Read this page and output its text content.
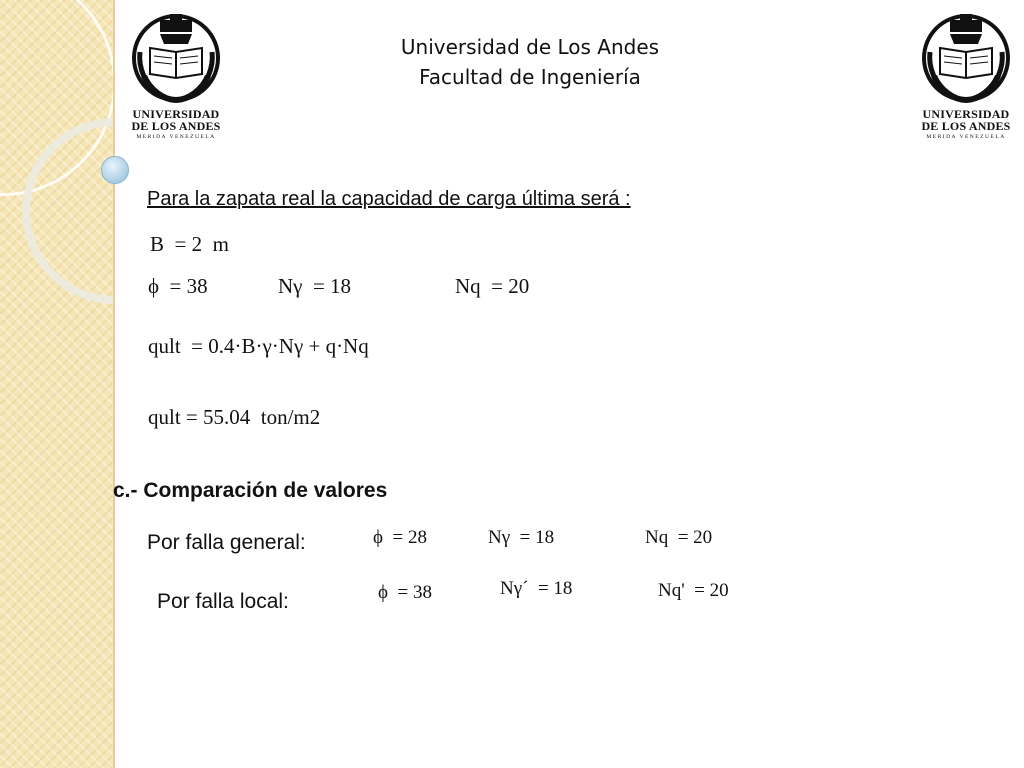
UNIVERSIDAD
DE LOS ANDES
MERIDA VENEZUELA
UNIVERSIDAD
DE LOS ANDES
MERIDA VENEZUELA
Universidad de Los Andes
Facultad de Ingeniería
Para la zapata real la capacidad de carga última será :
B  = 2  m
ϕ  = 38	Nγ  = 18	Nq  = 20
qult  = 0.4·B·γ·Nγ + q·Nq
qult = 55.04  ton/m2
c.- Comparación de valores
Por falla general:	ϕ  = 28	Nγ  = 18	Nq  = 20
Por falla local:	ϕ  = 38	Nγ´  = 18	Nq'  = 20
